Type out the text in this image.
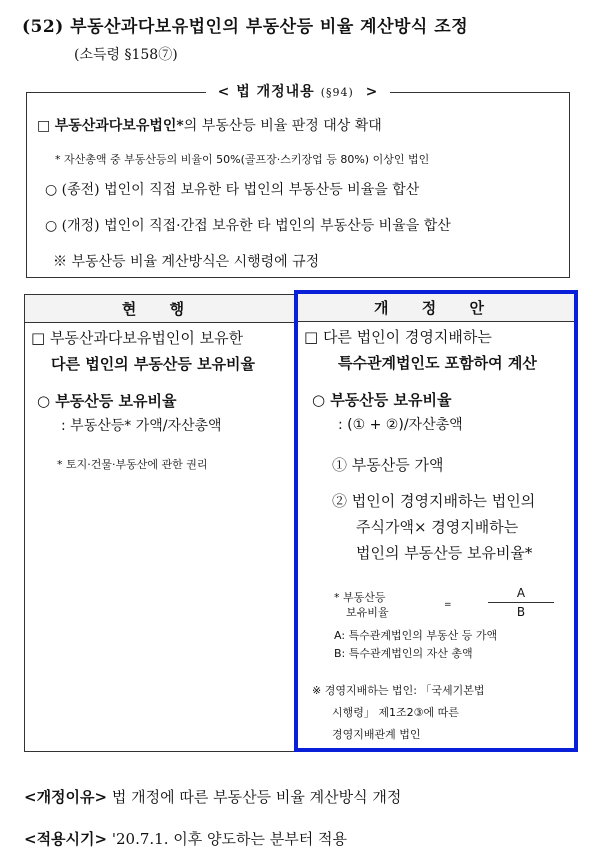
(52) 부동산과다보유법인의 부동산등 비율 계산방식 조정
(소득령 §158⑦)
< 법 개정내용 (§94) >
□ 부동산과다보유법인*의 부동산등 비율 판정 대상 확대
* 자산총액 중 부동산등의 비율이 50%(골프장·스키장업 등 80%) 이상인 법인
○ (종전) 법인이 직접 보유한 타 법인의 부동산등 비율을 합산
○ (개정) 법인이 직접·간접 보유한 타 법인의 부동산등 비율을 합산
※ 부동산등 비율 계산방식은 시행령에 규정
현 행
□ 부동산과다보유법인이 보유한
다른 법인의 부동산등 보유비율
○ 부동산등 보유비율
: 부동산등* 가액/자산총액
* 토지·건물·부동산에 관한 권리
개 정 안
□ 다른 법인이 경영지배하는
특수관계법인도 포함하여 계산
○ 부동산등 보유비율
: (① + ②)/자산총액
① 부동산등 가액
② 법인이 경영지배하는 법인의
주식가액× 경영지배하는
법인의 부동산등 보유비율*
* 부동산등
보유비율
=	$\frac{A}{B}$
A: 특수관계법인의 부동산 등 가액
B: 특수관계법인의 자산 총액
※ 경영지배하는 법인: 「국세기본법
시행령」 제1조2③에 따른
경영지배관계 법인
<개정이유> 법 개정에 따른 부동산등 비율 계산방식 개정
<적용시기> '20.7.1. 이후 양도하는 분부터 적용
